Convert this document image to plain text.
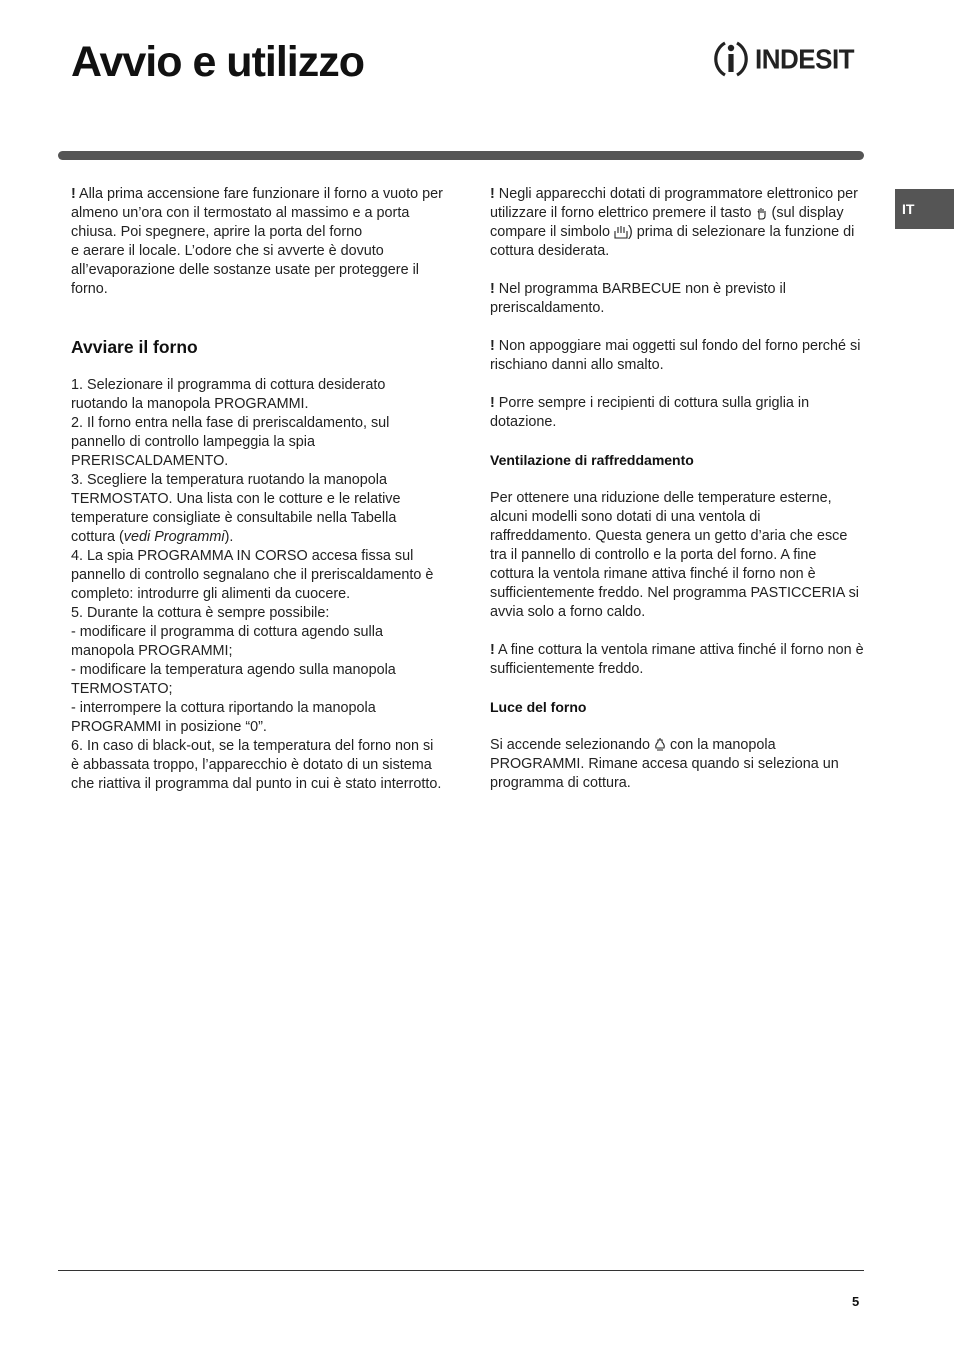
Avvio e utilizzo	INDESIT
IT

! Alla prima accensione fare funzionare il forno a vuoto per almeno un’ora con il termostato al massimo e a porta chiusa. Poi spegnere, aprire la porta del forno

e aerare il locale. L’odore che si avverte è dovuto all’evaporazione delle sostanze usate per proteggere il forno.

Avviare il forno

1. Selezionare il programma di cottura desiderato ruotando la manopola PROGRAMMI.

2. Il forno entra nella fase di preriscaldamento, sul pannello di controllo lampeggia la spia PRERISCALDAMENTO.

3. Scegliere la temperatura ruotando la manopola TERMOSTATO. Una lista con le cotture e le relative temperature consigliate è consultabile nella Tabella cottura (vedi Programmi).

4. La spia PROGRAMMA IN CORSO accesa fissa sul pannello di controllo segnalano che il preriscaldamento è completo: introdurre gli alimenti da cuocere.

5. Durante la cottura è sempre possibile:

- modificare il programma di cottura agendo sulla manopola PROGRAMMI;

- modificare la temperatura agendo sulla manopola TERMOSTATO;

- interrompere la cottura riportando la manopola PROGRAMMI in posizione “0”.

6. In caso di black-out, se la temperatura del forno non si è abbassata troppo, l’apparecchio è dotato di un sistema che riattiva il programma dal punto in cui è stato interrotto.

! Negli apparecchi dotati di programmatore elettronico per utilizzare il forno elettrico premere il tasto  (sul display compare il simbolo ) prima di selezionare la funzione di cottura desiderata.

! Nel programma BARBECUE non è previsto il preriscaldamento.

! Non appoggiare mai oggetti sul fondo del forno perché si rischiano danni allo smalto.

! Porre sempre i recipienti di cottura sulla griglia in dotazione.

Ventilazione di raffreddamento

Per ottenere una riduzione delle temperature esterne, alcuni modelli sono dotati di una ventola di raffreddamento. Questa genera un getto d’aria che esce tra il pannello di controllo e la porta del forno. A fine cottura la ventola rimane attiva finché il forno non è sufficientemente freddo. Nel programma PASTICCERIA si avvia solo a forno caldo.

! A fine cottura la ventola rimane attiva finché il forno non è sufficientemente freddo.

Luce del forno

Si accende selezionando  con la manopola PROGRAMMI. Rimane accesa quando si seleziona un programma di cottura.

5
